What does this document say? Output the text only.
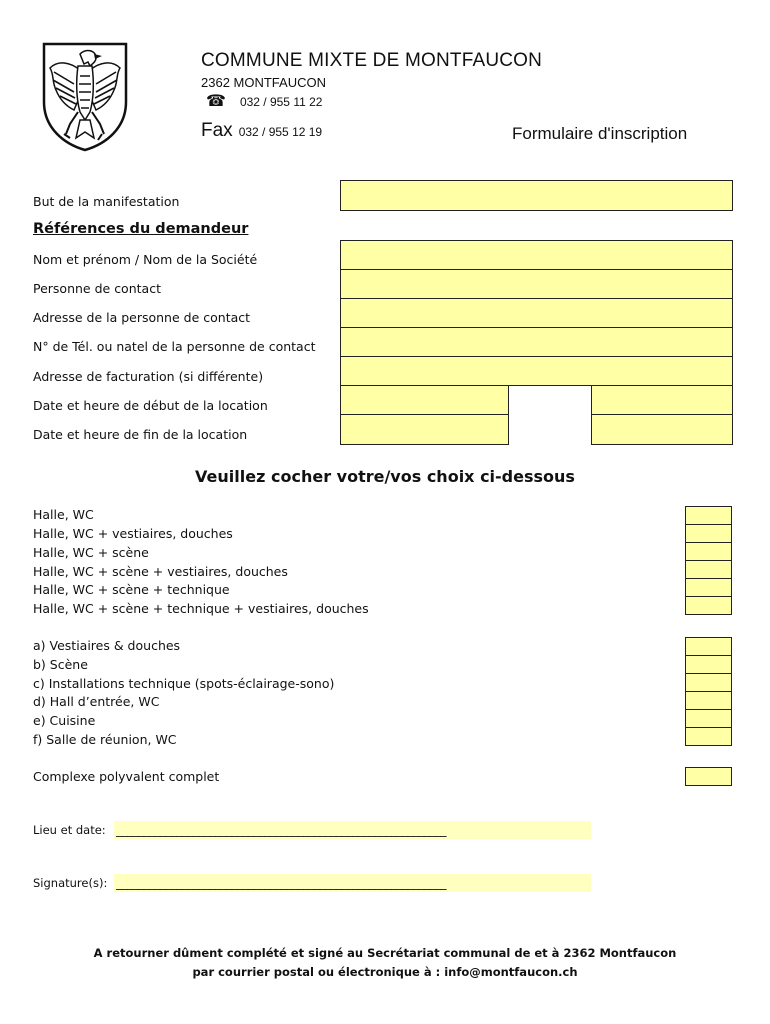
COMMUNE MIXTE DE MONTFAUCON
2362 MONTFAUCON
☎ 032 / 955 11 22
Fax 032 / 955 12 19	Formulaire d'inscription
But de la manifestation
Références du demandeur
Nom et prénom / Nom de la Société
Personne de contact
Adresse de la personne de contact
N° de Tél. ou natel de la personne de contact
Adresse de facturation (si différente)
Date et heure de début de la location
Date et heure de fin de la location
Veuillez cocher votre/vos choix ci-dessous
Halle, WC
Halle, WC + vestiaires, douches
Halle, WC + scène
Halle, WC + scène + vestiaires, douches
Halle, WC + scène + technique
Halle, WC + scène + technique + vestiaires, douches
a) Vestiaires & douches
b) Scène
c) Installations technique (spots-éclairage-sono)
d) Hall d’entrée, WC
e) Cuisine
f) Salle de réunion, WC
Complexe polyvalent complet
Lieu et date: ____________________________________________________________
Signature(s): ____________________________________________________________
A retourner dûment complété et signé au Secrétariat communal de et à 2362 Montfaucon
par courrier postal ou électronique à : info@montfaucon.ch
